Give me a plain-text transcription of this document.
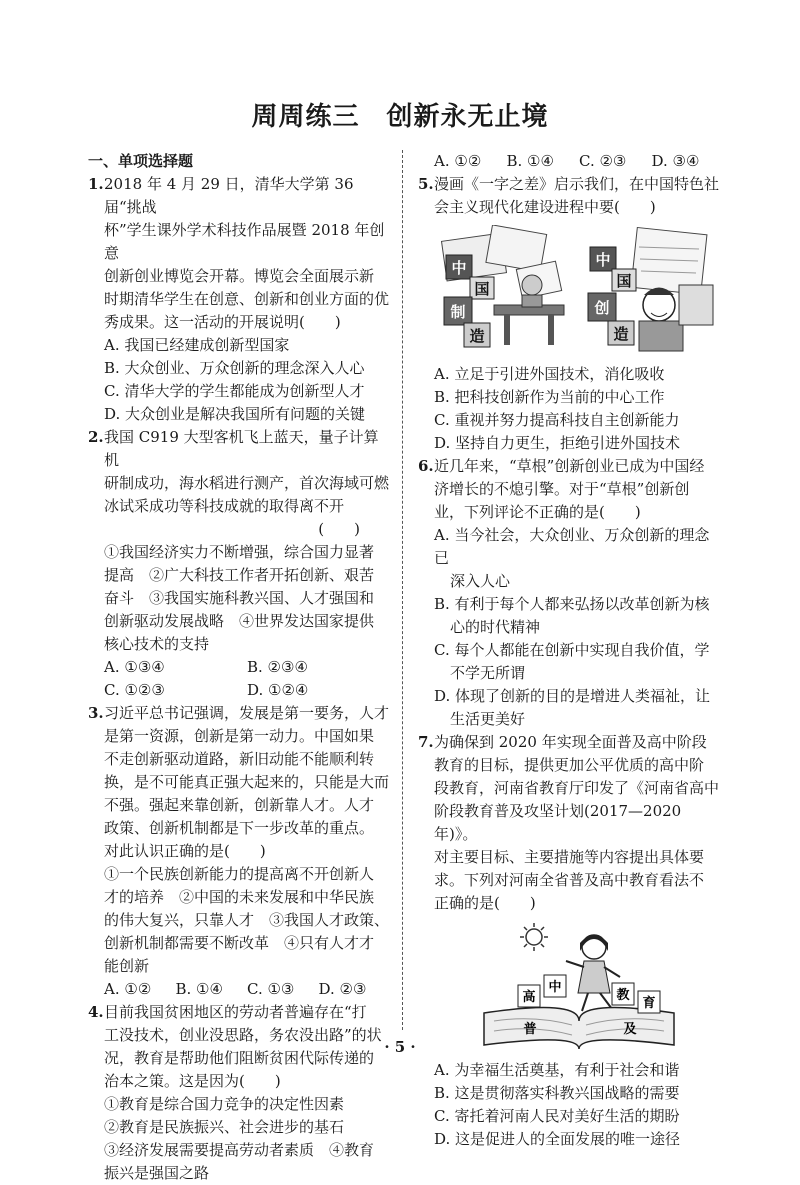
周周练三　创新永无止境
一、单项选择题
1. 2018 年 4 月 29 日，清华大学第 36 届“挑战
杯”学生课外学术科技作品展暨 2018 年创意
创新创业博览会开幕。博览会全面展示新
时期清华学生在创意、创新和创业方面的优
秀成果。这一活动的开展说明(　　)
A. 我国已经建成创新型国家
B. 大众创业、万众创新的理念深入人心
C. 清华大学的学生都能成为创新型人才
D. 大众创业是解决我国所有问题的关键
2. 我国 C919 大型客机飞上蓝天，量子计算机
研制成功，海水稻进行测产，首次海域可燃
冰试采成功等科技成就的取得离不开
(　　)
①我国经济实力不断增强，综合国力显著
提高　②广大科技工作者开拓创新、艰苦
奋斗　③我国实施科教兴国、人才强国和
创新驱动发展战略　④世界发达国家提供
核心技术的支持
A. ①③④	B. ②③④
C. ①②③	D. ①②④
3. 习近平总书记强调，发展是第一要务，人才
是第一资源，创新是第一动力。中国如果
不走创新驱动道路，新旧动能不能顺利转
换，是不可能真正强大起来的，只能是大而
不强。强起来靠创新，创新靠人才。人才
政策、创新机制都是下一步改革的重点。
对此认识正确的是(　　)
①一个民族创新能力的提高离不开创新人
才的培养　②中国的未来发展和中华民族
的伟大复兴，只靠人才　③我国人才政策、
创新机制都需要不断改革　④只有人才才
能创新
A. ①②	B. ①④	C. ①③	D. ②③
4. 目前我国贫困地区的劳动者普遍存在“打
工没技术，创业没思路，务农没出路”的状
况，教育是帮助他们阻断贫困代际传递的
治本之策。这是因为(　　)
①教育是综合国力竞争的决定性因素
②教育是民族振兴、社会进步的基石
③经济发展需要提高劳动者素质　④教育
振兴是强国之路
A. ①②	B. ①④	C. ②③	D. ③④
5. 漫画《一字之差》启示我们，在中国特色社
会主义现代化建设进程中要(　　)
中
国
制
造
中
国
创
造
A. 立足于引进外国技术，消化吸收
B. 把科技创新作为当前的中心工作
C. 重视并努力提高科技自主创新能力
D. 坚持自力更生，拒绝引进外国技术
6. 近几年来，“草根”创新创业已成为中国经
济增长的不熄引擎。对于“草根”创新创
业，下列评论不正确的是(　　)
A. 当今社会，大众创业、万众创新的理念已
深入人心
B. 有利于每个人都来弘扬以改革创新为核
心的时代精神
C. 每个人都能在创新中实现自我价值，学
不学无所谓
D. 体现了创新的目的是增进人类福祉，让
生活更美好
7. 为确保到 2020 年实现全面普及高中阶段
教育的目标，提供更加公平优质的高中阶
段教育，河南省教育厅印发了《河南省高中
阶段教育普及攻坚计划(2017—2020 年)》。
对主要目标、主要措施等内容提出具体要
求。下列对河南全省普及高中教育看法不
正确的是(　　)
高
中
教
育
普	及
A. 为幸福生活奠基，有利于社会和谐
B. 这是贯彻落实科教兴国战略的需要
C. 寄托着河南人民对美好生活的期盼
D. 这是促进人的全面发展的唯一途径
· 5 ·
